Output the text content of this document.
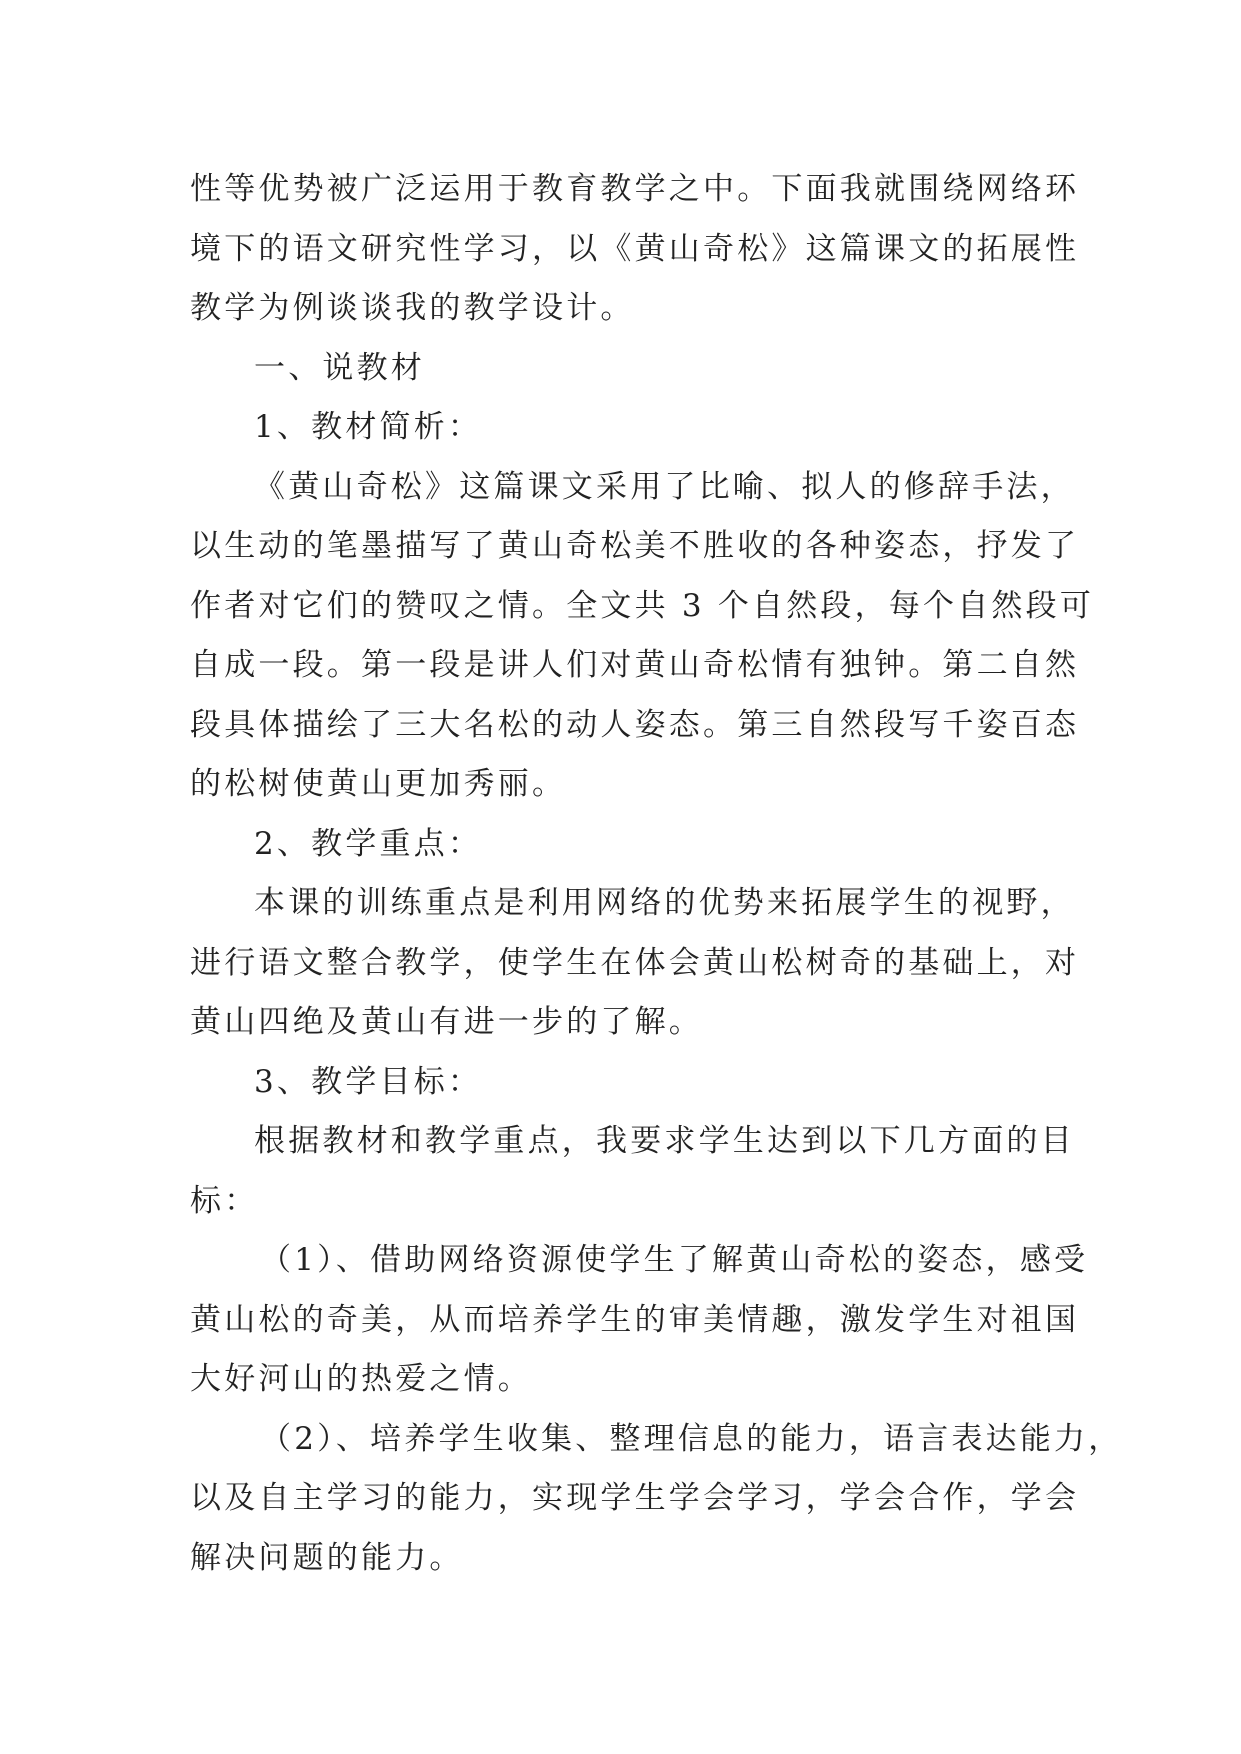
性等优势被广泛运用于教育教学之中。下面我就围绕网络环
境下的语文研究性学习，以《黄山奇松》这篇课文的拓展性
教学为例谈谈我的教学设计。
一、说教材
1、教材简析：
《黄山奇松》这篇课文采用了比喻、拟人的修辞手法，
以生动的笔墨描写了黄山奇松美不胜收的各种姿态，抒发了
作者对它们的赞叹之情。全文共 3 个自然段，每个自然段可
自成一段。第一段是讲人们对黄山奇松情有独钟。第二自然
段具体描绘了三大名松的动人姿态。第三自然段写千姿百态
的松树使黄山更加秀丽。
2、教学重点：
本课的训练重点是利用网络的优势来拓展学生的视野，
进行语文整合教学，使学生在体会黄山松树奇的基础上，对
黄山四绝及黄山有进一步的了解。
3、教学目标：
根据教材和教学重点，我要求学生达到以下几方面的目
标：
（1）、借助网络资源使学生了解黄山奇松的姿态，感受
黄山松的奇美，从而培养学生的审美情趣，激发学生对祖国
大好河山的热爱之情。
（2）、培养学生收集、整理信息的能力，语言表达能力，
以及自主学习的能力，实现学生学会学习，学会合作，学会
解决问题的能力。
